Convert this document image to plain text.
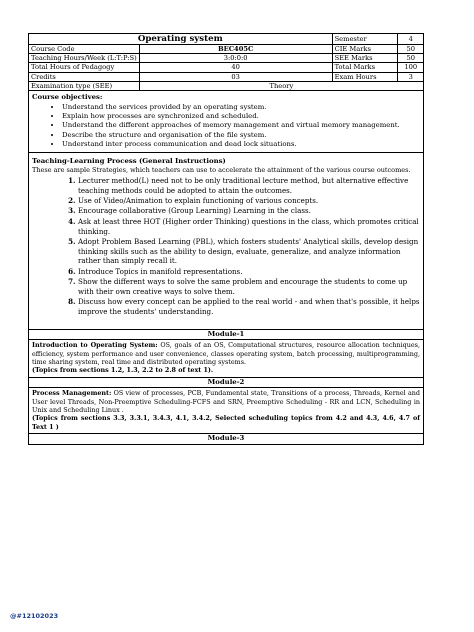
Operating system		Semester	4
Course Code	BEC405C	CIE Marks	50
Teaching Hours/Week (L:T:P:S)	3:0:0:0	SEE Marks	50
Total Hours of Pedagogy	40	Total Marks	100
Credits	03	Exam Hours	3
Examination type (SEE)	Theory		
Course objectives:
• Understand the services provided by an operating system.
• Explain how processes are synchronized and scheduled.
• Understand the different approaches of memory management and virtual memory management.
• Describe the structure and organisation of the file system.
• Understand inter process communication and dead lock situations.
Teaching-Learning Process (General Instructions)
These are sample Strategies, which teachers can use to accelerate the attainment of the various course outcomes.
1. Lecturer method(L) need not to be only traditional lecture method, but alternative effective teaching methods could be adopted to attain the outcomes.
2. Use of Video/Animation to explain functioning of various concepts.
3. Encourage collaborative (Group Learning) Learning in the class.
4. Ask at least three HOT (Higher order Thinking) questions in the class, which promotes critical thinking.
5. Adopt Problem Based Learning (PBL), which fosters students' Analytical skills, develop design thinking skills such as the ability to design, evaluate, generalize, and analyze information rather than simply recall it.
6. Introduce Topics in manifold representations.
7. Show the different ways to solve the same problem and encourage the students to come up with their own creative ways to solve them.
8. Discuss how every concept can be applied to the real world - and when that's possible, it helps improve the students' understanding.
Module-1
Introduction to Operating System: OS, goals of an OS, Computational structures, resource allocation techniques, efficiency, system performance and user convenience, classes operating system, batch processing, multiprogramming, time sharing system, real time and distributed operating systems.
(Topics from sections 1.2, 1.3, 2.2 to 2.8 of text 1).
Module-2
Process Management: OS view of processes, PCB, Fundamental state, Transitions of a process, Threads, Kernel and User level Threads, Non-Preemptive Scheduling-FCFS and SRN, Preemptive Scheduling - RR and LCN, Scheduling in Unix and Scheduling Linux .
(Topics from sections 3.3, 3.3.1, 3.4.3, 4.1, 3.4.2, Selected scheduling topics from 4.2 and 4.3, 4.6, 4.7 of Text 1 )
Module-3
@#12102023
